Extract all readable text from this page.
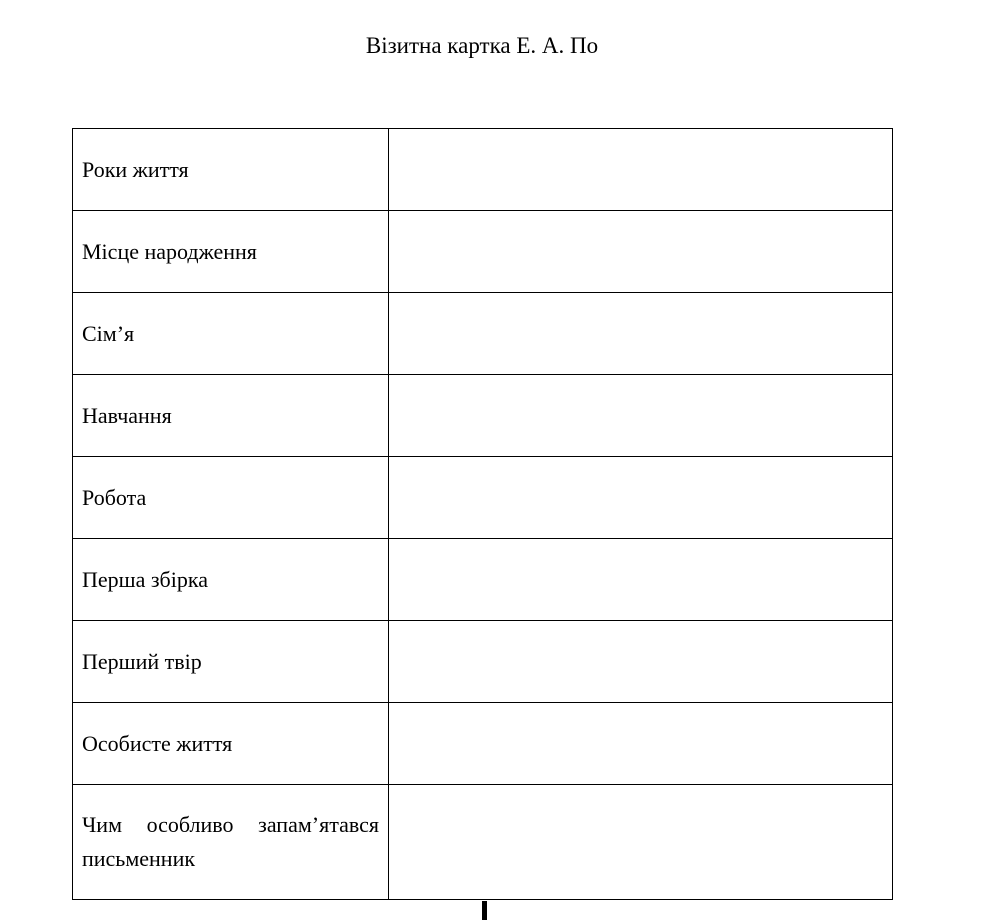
Візитна картка Е. А. По
Роки життя	
Місце народження	
Сім’я	
Навчання	
Робота	
Перша збірка	
Перший твір	
Особисте життя	
Чим особливо запам’ятався письменник	
